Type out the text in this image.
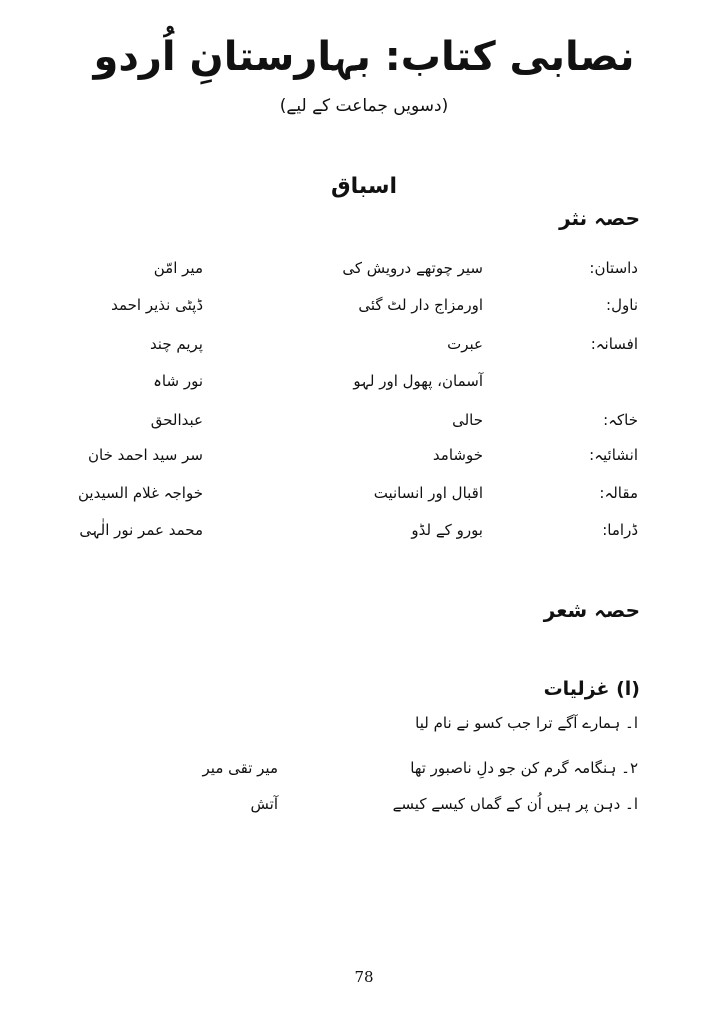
نصابی کتاب: بہارستانِ اُردو
(دسویں جماعت کے لیے)
اسباق
حصہ نثر
داستان:
سیر چوتھے درویش کی
میر امّن
ناول:
اورمزاج دار لٹ گئی
ڈپٹی نذیر احمد
افسانہ:
عبرت
پریم چند
آسمان، پھول اور لہو
نور شاہ
خاکہ:
حالی
عبدالحق
انشائیہ:
خوشامد
سر سید احمد خان
مقالہ:
اقبال اور انسانیت
خواجہ غلام السیدین
ڈراما:
بورو کے لڈو
محمد عمر نور الٰہی
حصہ شعر
(ا) غزلیات
ا۔ ہمارے آگے ترا جب کسو نے نام لیا
۲۔ ہنگامہ گرم کن جو دلِ ناصبور تھا
میر تقی میر
ا۔ دہن پر ہیں اُن کے گماں کیسے کیسے
آتش
78
